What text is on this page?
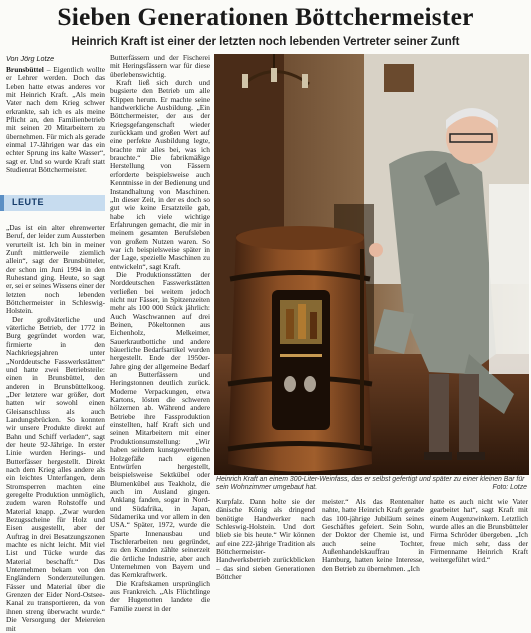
Sieben Generationen Böttchermeister
Heinrich Kraft ist einer der letzten noch lebenden Vertreter seiner Zunft
Von Jörg Lotze

Brunsbüttel – Eigentlich wollte er Lehrer werden. Doch das Leben hatte etwas anderes vor mit Heinrich Kraft. „Als mein Vater nach dem Krieg schwer erkrankte, sah ich es als meine Pflicht an, den Familienbetrieb mit seinen 20 Mitarbeitern zu übernehmen. Für mich als gerade einmal 17-Jährigen war das ein echter Sprung ins kalte Wasser“, sagt er. Und so wurde Kraft statt Studienrat Böttchermeister.

LEUTE

„Das ist ein alter ehrenwerter Beruf, der leider zum Aussterben verurteilt ist. Ich bin in meiner Zunft mittlerweile ziemlich allein“, sagt der Brunsbütteler, der schon im Juni 1994 in den Ruhestand ging. Heute, so sagt er, sei er seines Wissens einer der letzten noch lebenden Böttchermeister in Schleswig-Holstein.

Der großväterliche und väterliche Betrieb, der 1772 in Burg gegründet worden war, firmierte in den Nachkriegsjahren unter „Norddeutsche Fasswerkstätten“ und hatte zwei Betriebsteile: einen in Brunsbüttel, den anderen in Brunsbüttelkoog. „Der letztere war größer, dort hatten wir sowohl einen Gleisanschluss als auch Landungsbrücken. So konnten wir unsere Produkte direkt auf Bahn und Schiff verladen“, sagt der heute 92-Jährige. In erster Linie wurden Herings- und Butterfässer hergestellt. Direkt nach dem Krieg alles andere als ein leichtes Unterfangen, denn Stromsperren machten eine geregelte Produktion unmöglich, zudem waren Rohstoffe und Material knapp. „Zwar wurden Bezugsscheine für Holz und Eisen ausgestellt, aber der Auftrag in drei Besatzungszonen machte es nicht leicht. Mit viel List und Tücke wurde das Material beschafft.“ Das Unternehmen bekam von den Engländern Sonderzuteilungen. Fässer und Material über die Grenzen der Eider Nord-Ostsee-Kanal zu transportieren, da von ihnen streng überwacht wurde.“ Die Versorgung der Meiereien mit

Butterfässern und der Fischerei mit Heringsfässern war für diese überlebenswichtig.

Kraft ließ sich durch und bugsierte den Betrieb um alle Klippen herum. Er machte seine handwerkliche Ausbildung. „Ein Böttchermeister, der aus der Kriegsgefangenschaft wieder zurückkam und großen Wert auf eine perfekte Ausbildung legte, brachte mir alles bei, was ich brauchte.“ Die fabrikmäßige Herstellung von Fässern erforderte beispielsweise auch Kenntnisse in der Bedienung und Instandhaltung von Maschinen. „In dieser Zeit, in der es doch so gut wie keine Ersatzteile gab, habe ich viele wichtige Erfahrungen gemacht, die mir in meinem gesamten Berufsleben von großem Nutzen waren. So war ich beispielsweise später in der Lage, spezielle Maschinen zu entwickeln“, sagt Kraft.

Die Produktionsstätten der Norddeutschen Fasswerkstätten verließen bei weitem jedoch nicht nur Fässer, in Spitzenzeiten mehr als 100 000 Stück jährlich: Auch Waschwannen auf drei Beinen, Pökeltonnen aus Eichenholz, Melkeimer, Sauerkrautbottiche und andere bäuerliche Bedarfsartikel wurden hergestellt. Ende der 1950er-Jahre ging der allgemeine Bedarf an Butterfässern und Heringstonnen deutlich zurück. Moderne Verpackungen, etwa Kartons, lösten die schweren hölzernen ab. Während andere Betriebe ihre Fassproduktion einstellten, half Kraft sich und seinen Mitarbeitern mit einer Produktionsumstellung: „Wir haben seitdem kunstgewerbliche Holzgefäße nach eigenen Entwürfen hergestellt, beispielsweise Sektkübel oder Blumenkübel aus Teakholz, die auch im Ausland gingen. Anklang fanden, sogar in Nord- und Südafrika, in Japan, Südamerika und vor allem in den USA.“ Später, 1972, wurde die Sparte Innenausbau und Tischlerarbeiten neu gegründet, zu den Kunden zählte seinerzeit die örtliche Industrie, aber auch Unternehmen von Bayern und das Kernkraftwerk.

Die Kraftskamen ursprünglich aus Frankreich. „Als Flüchtlinge der Hugenotten landete die Familie zuerst in der

Heinrich Kraft an einem 300-Liter-Weinfass, das er selbst gefertigt und später zu einer kleinen Bar für sein Wohnzimmer umgebaut hat.	Foto: Lotze

Kurpfalz. Dann holte sie der dänische König als dringend benötigte Handwerker nach Schleswig-Holstein. Und dort blieb sie bis heute.“ Wir können auf eine 222-jährige Tradition als Böttchermeister-Handwerksbetrieb zurückblicken – das sind sieben Generationen Böttcher

meister.“ Als das Rentenalter nahte, hatte Heinrich Kraft gerade das 100-jährige Jubiläum seines Geschäftes gefeiert. Sein Sohn, der Doktor der Chemie ist, und auch seine Tochter, Außenhandelskauffrau in Hamburg, hatten keine Interesse, den Betrieb zu übernehmen. „Ich

hatte es auch nicht wie Vater gearbeitet hat“, sagt Kraft mit einem Augenzwinkern. Letztlich wurde alles an die Brunsbütteler Firma Schröder übergeben. „Ich freue mich sehr, dass der Firmenname Heinrich Kraft weitergeführt wird.“
